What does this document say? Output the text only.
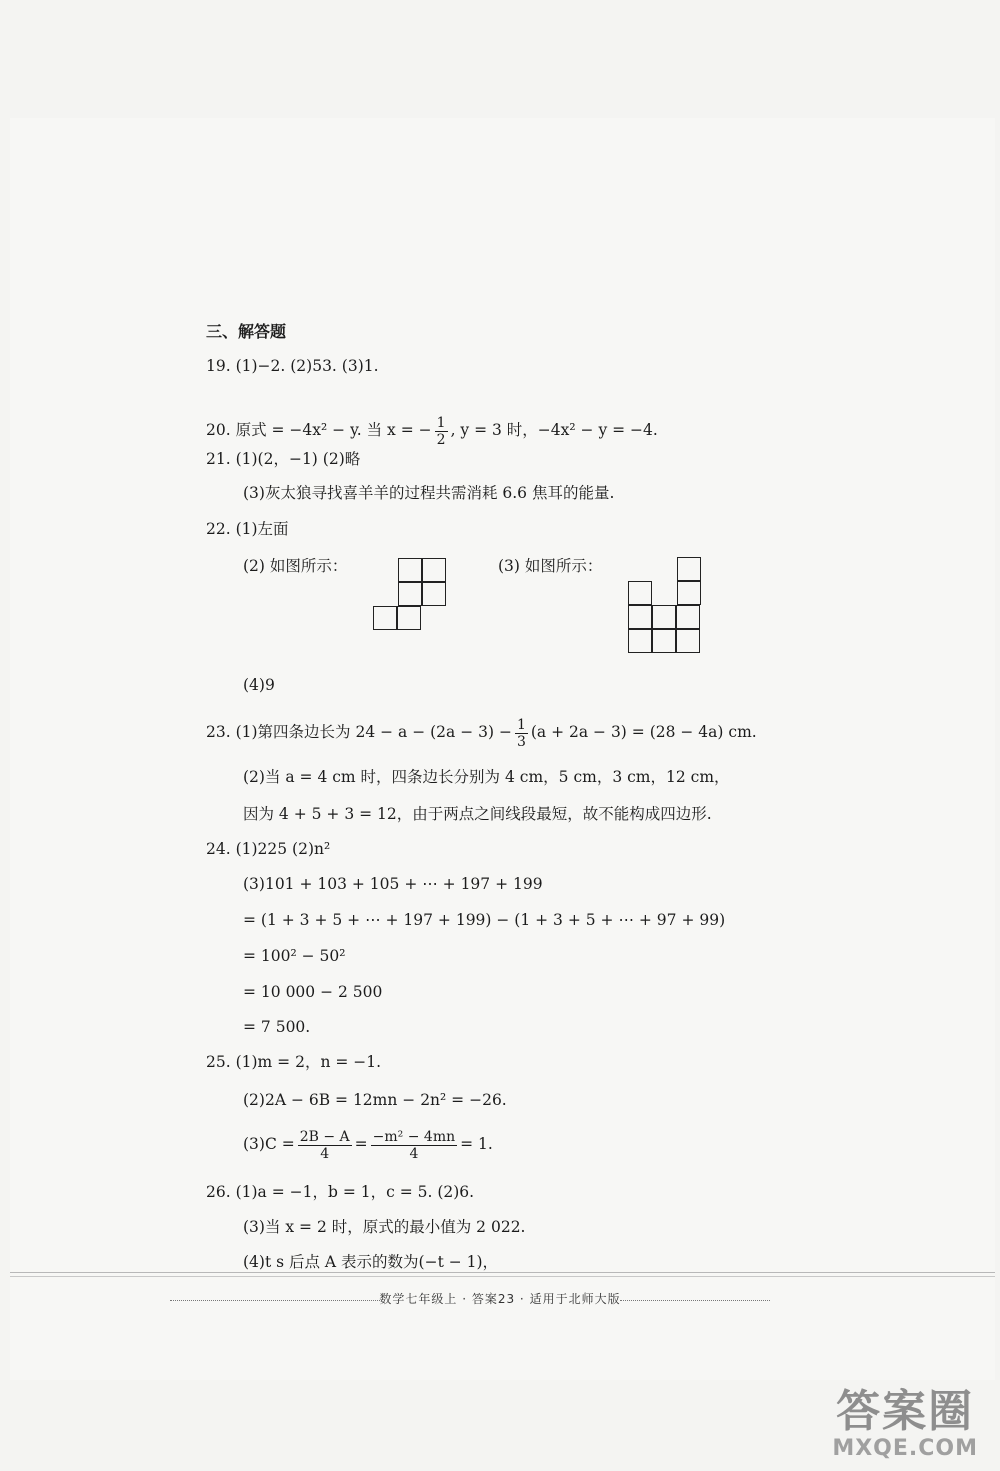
三、解答题
19. (1)−2. (2)53. (3)1.
20. 原式 = −4x² − y. 当 x = − $\frac{1}{2}$ , y = 3 时，−4x² − y = −4.
21. (1)(2，−1) (2)略
(3)灰太狼寻找喜羊羊的过程共需消耗 6.6 焦耳的能量.
22. (1)左面
(2) 如图所示：	(3) 如图所示：
(4)9
23. (1)第四条边长为 $24 - a - (2a - 3) - \frac{1}{3} (a + 2a - 3) = (28 - 4a)$ cm.
(2)当 a = 4 cm 时，四条边长分别为 4 cm，5 cm，3 cm，12 cm，
因为 4 + 5 + 3 = 12，由于两点之间线段最短，故不能构成四边形.
24. (1)225 (2)n²
(3)101 + 103 + 105 + ⋯ + 197 + 199
= (1 + 3 + 5 + ⋯ + 197 + 199) − (1 + 3 + 5 + ⋯ + 97 + 99)
= 100² − 50²
= 10 000 − 2 500
= 7 500.
25. (1)m = 2，n = −1.
(2)2A − 6B = 12mn − 2n² = −26.
$(3)C = \frac{2B - A}{4} = \frac{\text{−m² − 4mn}}{4} = 1$.
26. (1)a = −1，b = 1，c = 5. (2)6.
(3)当 x = 2 时，原式的最小值为 2 022.
(4)t s 后点 A 表示的数为(−t − 1)，
数学七年级上 · 答案23 · 适用于北师大版
答案圈
MXQE.COM
